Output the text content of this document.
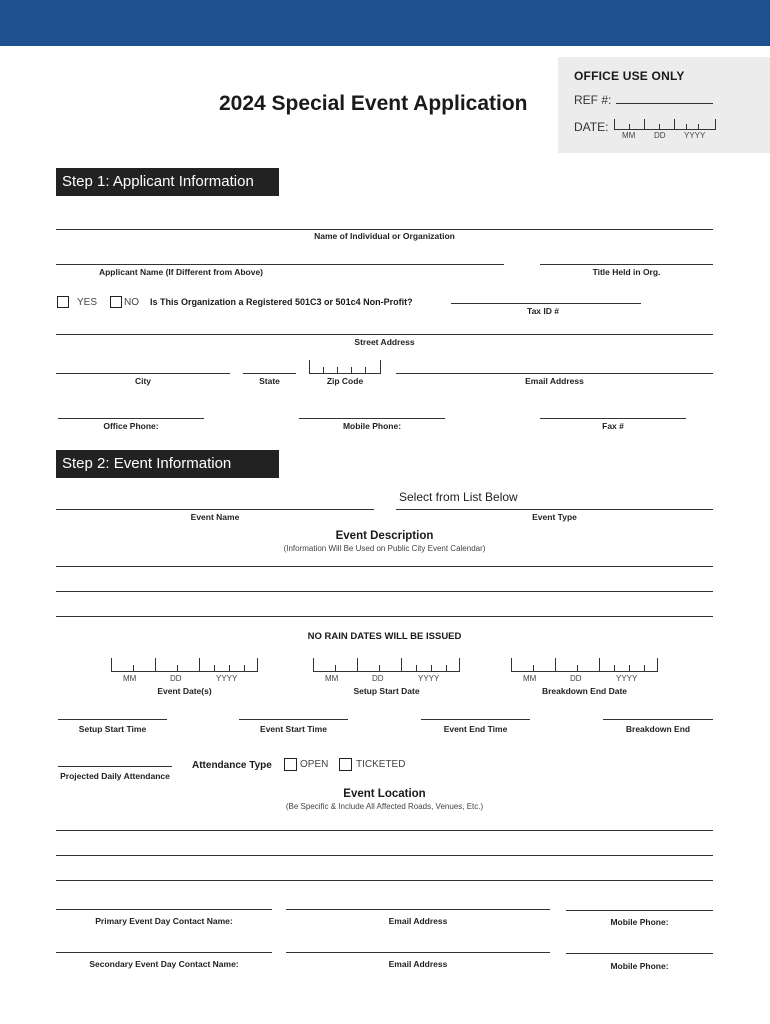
OFFICE USE ONLY
REF #:
DATE:
MM DD YYYY
2024 Special Event Application
Step 1: Applicant Information
Name of Individual or Organization
Applicant Name (If Different from Above)	Title Held in Org.
YES	NO Is This Organization a Registered 501C3 or 501c4 Non-Profit?
Tax ID #
Street Address
City	State	Zip Code	Email Address
Office Phone:	Mobile Phone:	Fax #
Step 2: Event Information
Event Name
Select from List Below
Event Type
Event Description
(Information Will Be Used on Public City Event Calendar)
NO RAIN DATES WILL BE ISSUED
MM	DD	YYYY
Event Date(s)
MM	DD	YYYY
Setup Start Date
MM	DD	YYYY
Breakdown End Date
Setup Start Time	Event Start Time	Event End Time	Breakdown End
Projected Daily Attendance
Attendance Type	OPEN	TICKETED
Event Location
(Be Specific & Include All Affected Roads, Venues, Etc.)
Primary Event Day Contact Name:	Email Address	Mobile Phone:
Secondary Event Day Contact Name:	Email Address	Mobile Phone:
